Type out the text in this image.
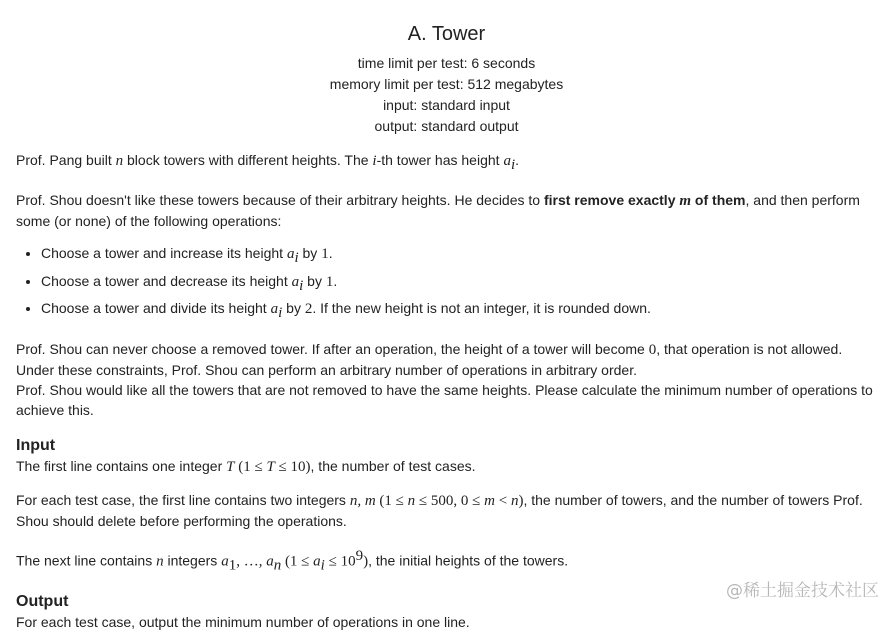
A. Tower
time limit per test: 6 seconds
memory limit per test: 512 megabytes
input: standard input
output: standard output

Prof. Pang built n block towers with different heights. The i-th tower has height $a_i$.

Prof. Shou doesn't like these towers because of their arbitrary heights. He decides to first remove exactly m of them, and then perform some (or none) of the following operations:

• Choose a tower and increase its height $a_i$ by 1.
• Choose a tower and decrease its height $a_i$ by 1.
• Choose a tower and divide its height $a_i$ by 2. If the new height is not an integer, it is rounded down.

Prof. Shou can never choose a removed tower. If after an operation, the height of a tower will become 0, that operation is not allowed.

Under these constraints, Prof. Shou can perform an arbitrary number of operations in arbitrary order.

Prof. Shou would like all the towers that are not removed to have the same heights. Please calculate the minimum number of operations to achieve this.

Input

The first line contains one integer T (1 ≤ T ≤ 10), the number of test cases.

For each test case, the first line contains two integers n, m (1 ≤ n ≤ 500, 0 ≤ m < n), the number of towers, and the number of towers Prof. Shou should delete before performing the operations.

The next line contains n integers $a_1$, …, $a_n$ $(1 \le a_i \le 10^9)$, the initial heights of the towers.

Output

For each test case, output the minimum number of operations in one line.

@稀土掘金技术社区
